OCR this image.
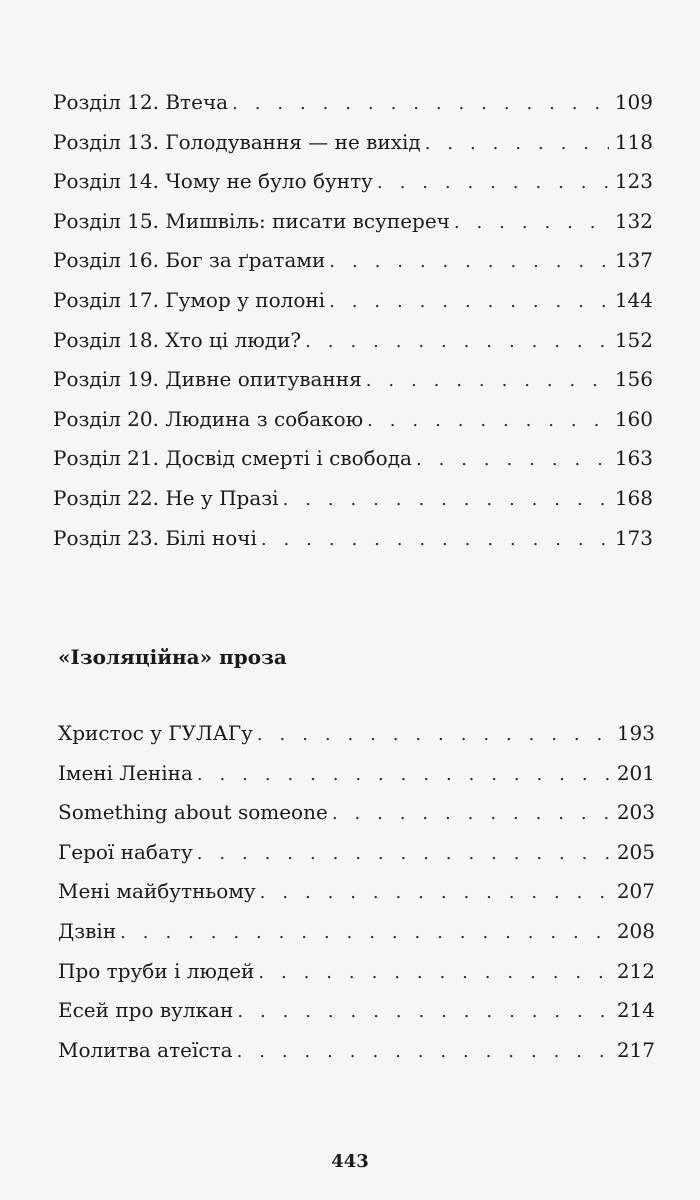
Розділ 12. Втеча . . .	109
Розділ 13. Голодування — не вихід . . .	118
Розділ 14. Чому не було бунту . . .	123
Розділ 15. Мишвіль: писати всупереч . . .	132
Розділ 16. Бог за ґратами . . .	137
Розділ 17. Гумор у полоні . . .	144
Розділ 18. Хто ці люди? . . .	152
Розділ 19. Дивне опитування . . .	156
Розділ 20. Людина з собакою . . .	160
Розділ 21. Досвід смерті і свобода . . .	163
Розділ 22. Не у Празі . . .	168
Розділ 23. Білі ночі . . .	173
«Ізоляційна» проза
Христос у ГУЛАГу . . .	193
Імені Леніна . . .	201
Something about someone . . .	203
Герої набату . . .	205
Мені майбутньому . . .	207
Дзвін . . .	208
Про труби і людей . . .	212
Есей про вулкан . . .	214
Молитва атеїста . . .	217
443
